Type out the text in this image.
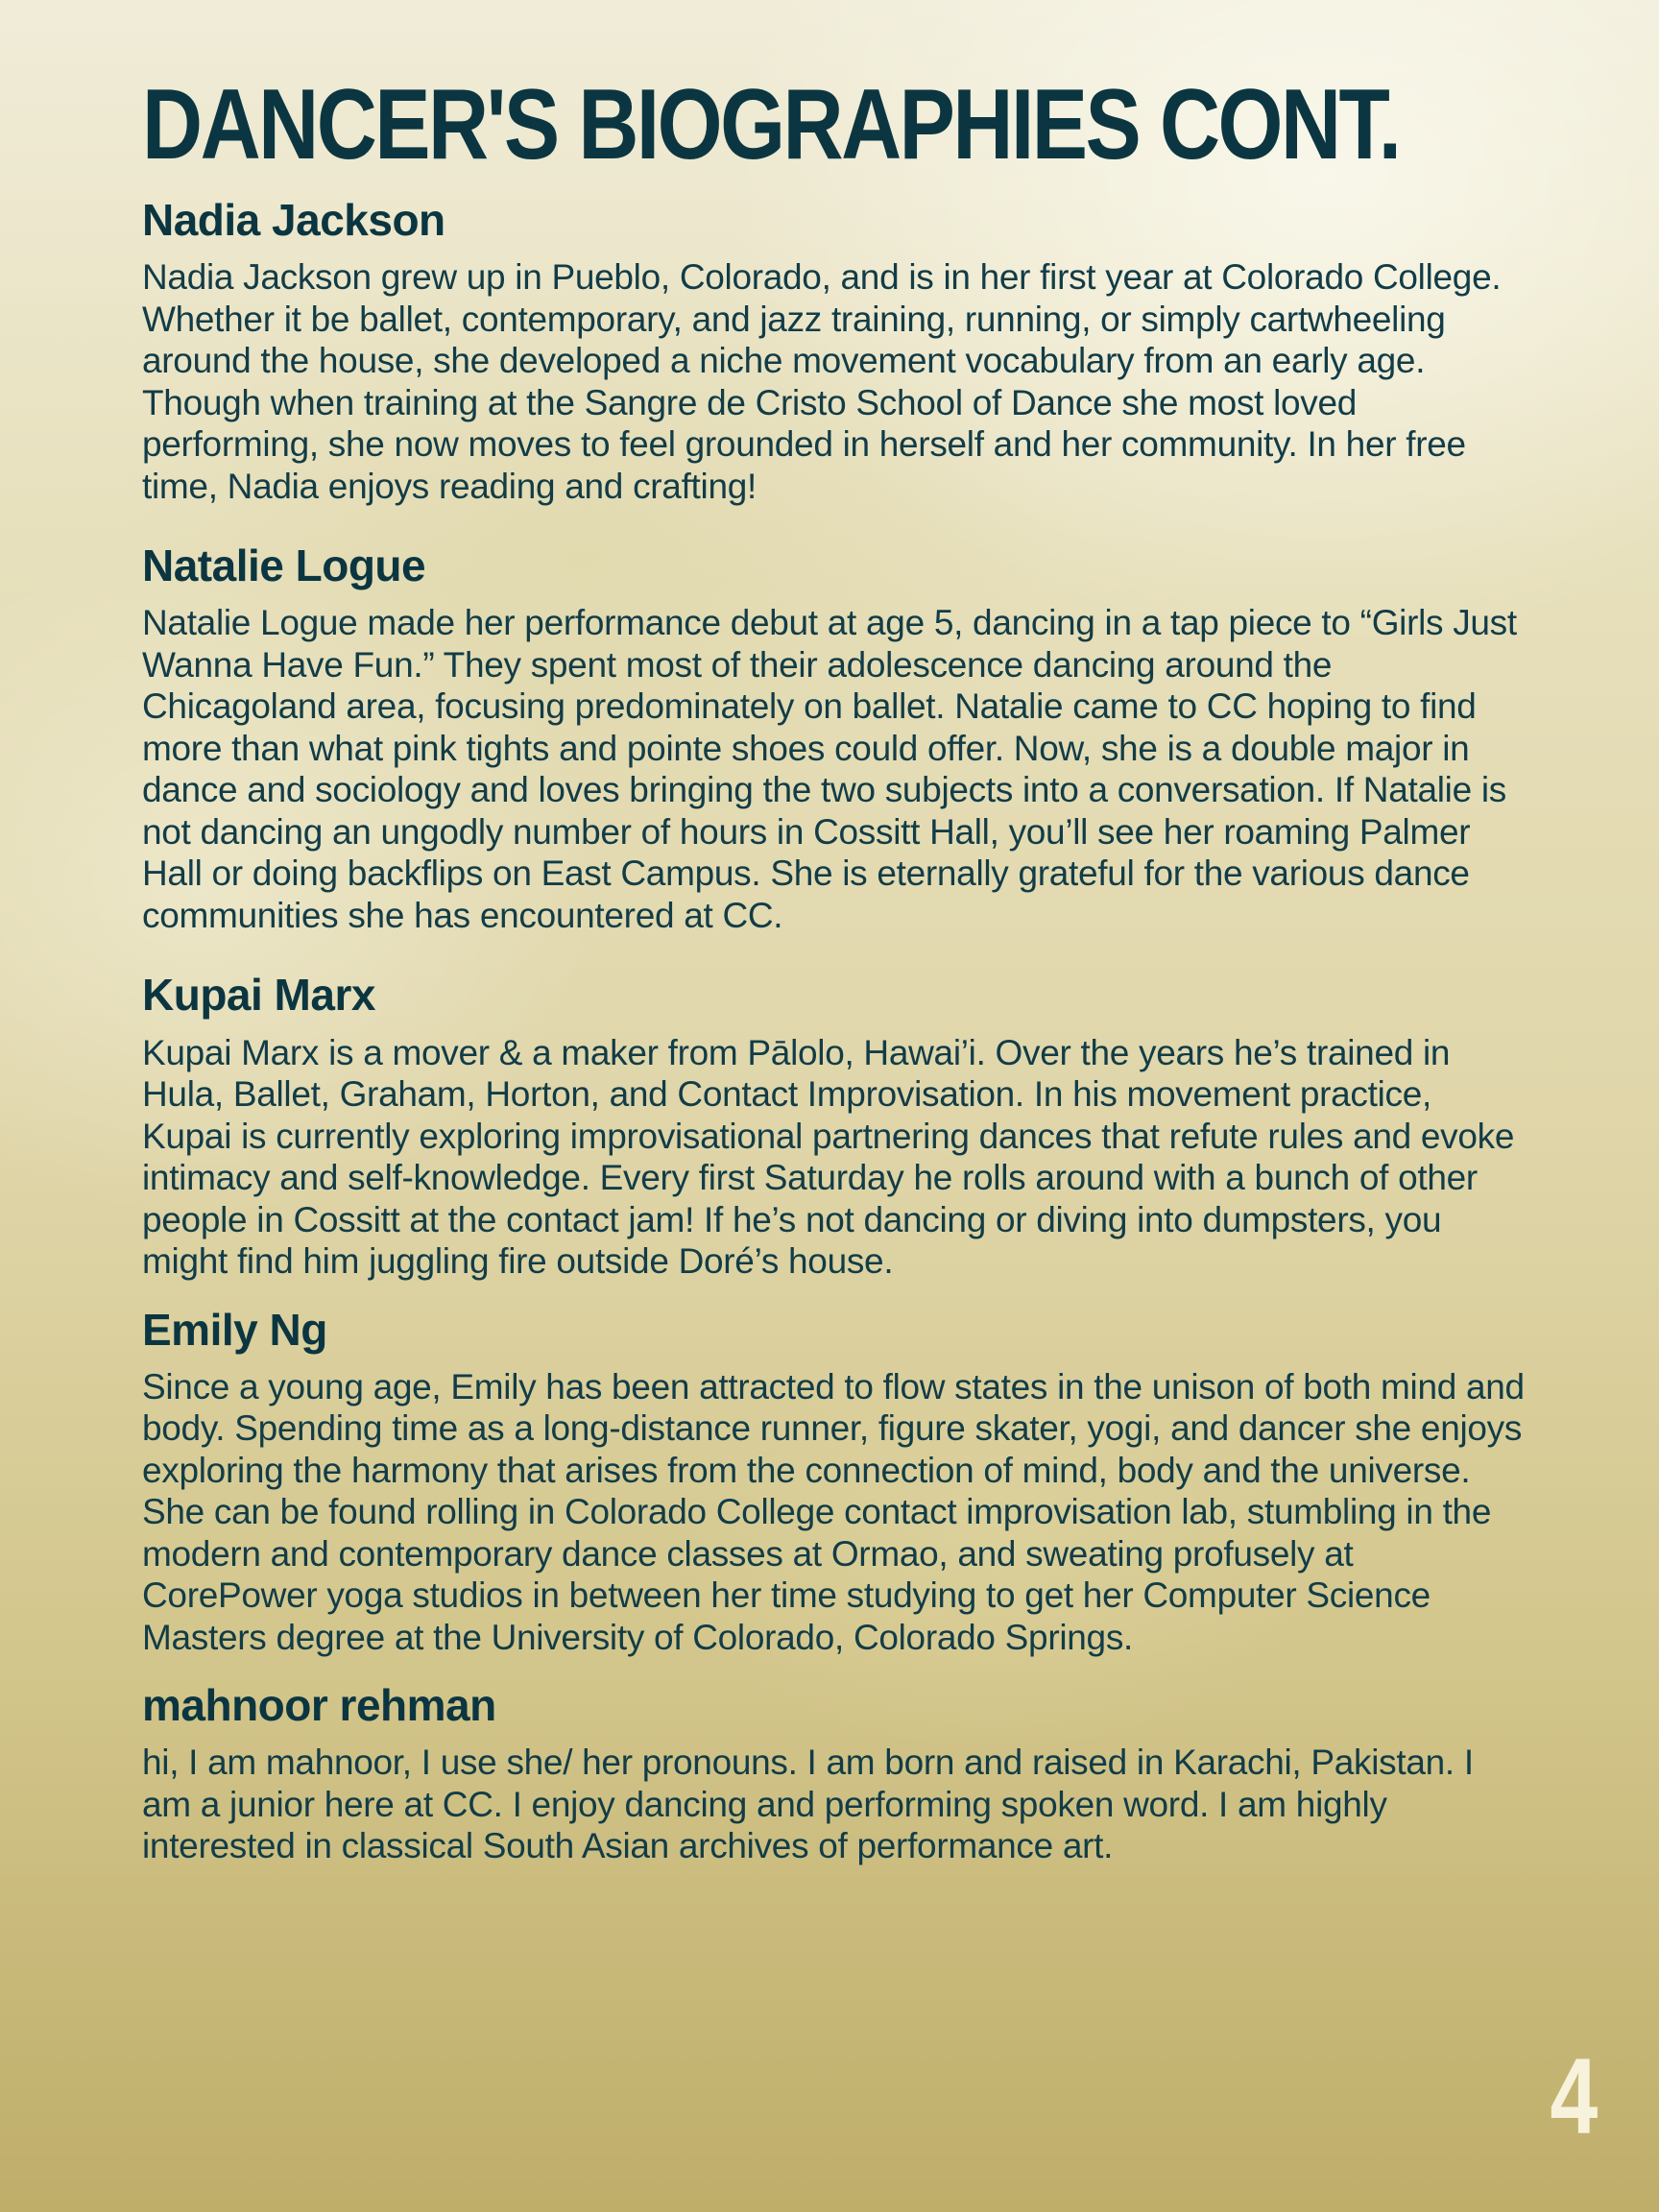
DANCER'S BIOGRAPHIES CONT.
Nadia Jackson

Nadia Jackson grew up in Pueblo, Colorado, and is in her first year at Colorado College. Whether it be ballet, contemporary, and jazz training, running, or simply cartwheeling around the house, she developed a niche movement vocabulary from an early age. Though when training at the Sangre de Cristo School of Dance she most loved performing, she now moves to feel grounded in herself and her community. In her free time, Nadia enjoys reading and crafting!

Natalie Logue

Natalie Logue made her performance debut at age 5, dancing in a tap piece to “Girls Just Wanna Have Fun.” They spent most of their adolescence dancing around the Chicagoland area, focusing predominately on ballet. Natalie came to CC hoping to find more than what pink tights and pointe shoes could offer. Now, she is a double major in dance and sociology and loves bringing the two subjects into a conversation. If Natalie is not dancing an ungodly number of hours in Cossitt Hall, you’ll see her roaming Palmer Hall or doing backflips on East Campus. She is eternally grateful for the various dance communities she has encountered at CC.

Kupai Marx

Kupai Marx is a mover & a maker from Pālolo, Hawai’i. Over the years he’s trained in Hula, Ballet, Graham, Horton, and Contact Improvisation. In his movement practice, Kupai is currently exploring improvisational partnering dances that refute rules and evoke intimacy and self-knowledge. Every first Saturday he rolls around with a bunch of other people in Cossitt at the contact jam! If he’s not dancing or diving into dumpsters, you might find him juggling fire outside Doré’s house.

Emily Ng

Since a young age, Emily has been attracted to flow states in the unison of both mind and body. Spending time as a long-distance runner, figure skater, yogi, and dancer she enjoys exploring the harmony that arises from the connection of mind, body and the universe. She can be found rolling in Colorado College contact improvisation lab, stumbling in the modern and contemporary dance classes at Ormao, and sweating profusely at CorePower yoga studios in between her time studying to get her Computer Science Masters degree at the University of Colorado, Colorado Springs.

mahnoor rehman

hi, I am mahnoor, I use she/ her pronouns. I am born and raised in Karachi, Pakistan. I am a junior here at CC. I enjoy dancing and performing spoken word. I am highly interested in classical South Asian archives of performance art.

4
